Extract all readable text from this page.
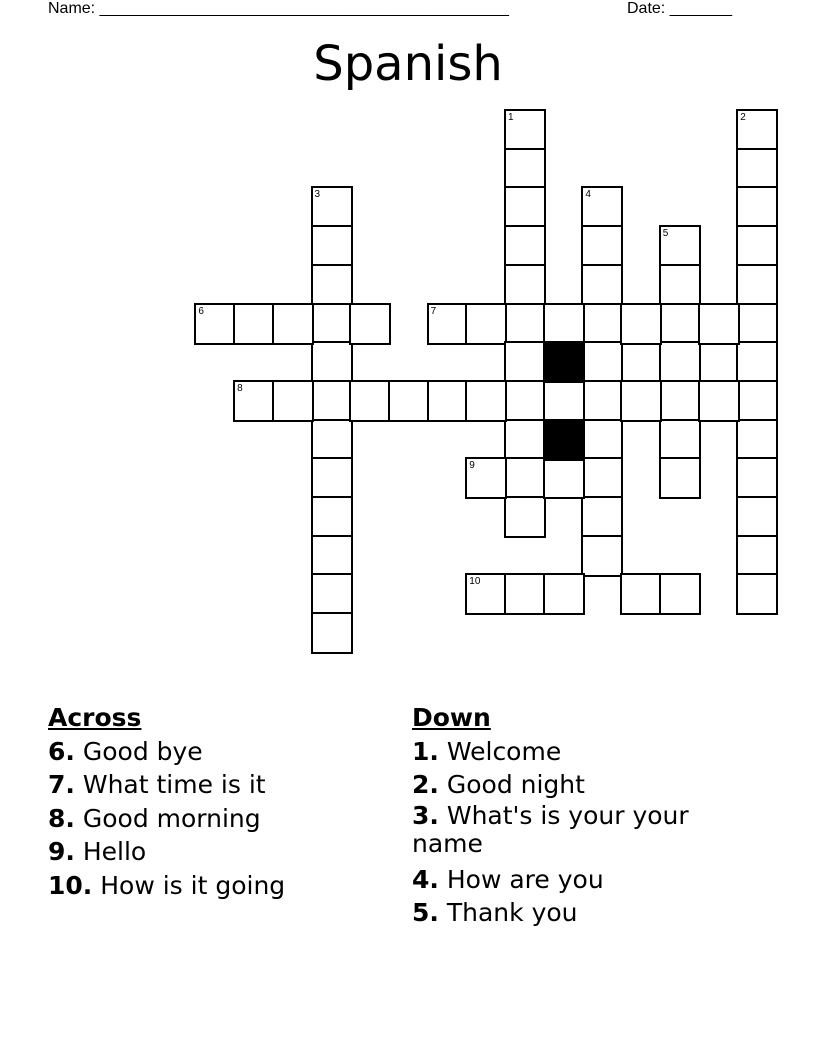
Name: ______________________________________________	Date: _______
Spanish
1	2
3	4
5
6	7
8
9
10
Across
6. Good bye
7. What time is it
8. Good morning
9. Hello
10. How is it going
Down
1. Welcome
2. Good night
3. What's is your your name
4. How are you
5. Thank you
